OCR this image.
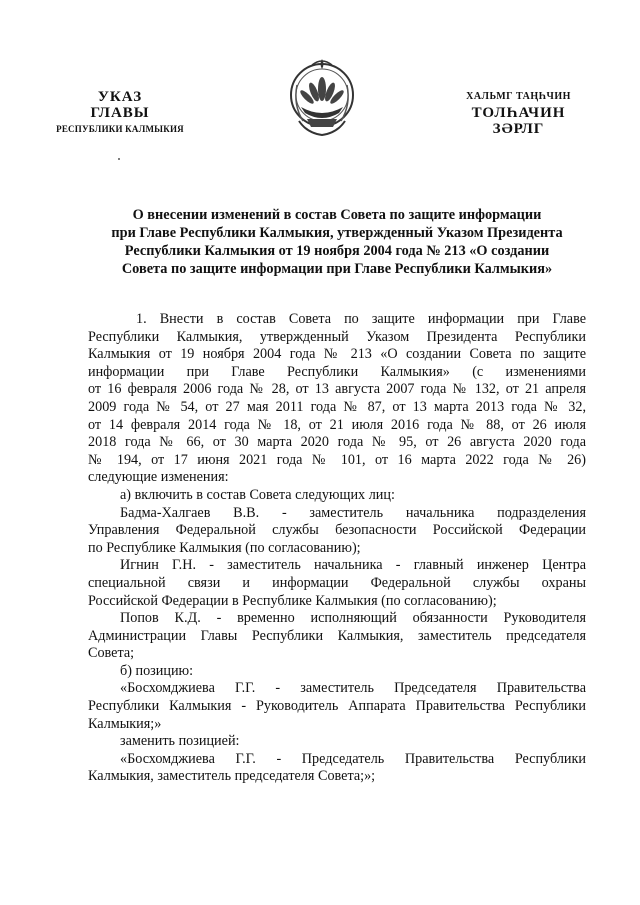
УКАЗ
ГЛАВЫ
РЕСПУБЛИКИ КАЛМЫКИЯ
ХАЛЬМГ ТАҢҺЧИН
ТОЛҺАЧИН
ЗӘРЛГ
О внесении изменений в состав Совета по защите информации
при Главе Республики Калмыкия, утвержденный Указом Президента
Республики Калмыкия от 19 ноября 2004 года № 213 «О создании
Совета по защите информации при Главе Республики Калмыкия»
1. Внести в состав Совета по защите информации при Главе
Республики Калмыкия, утвержденный Указом Президента Республики
Калмыкия от 19 ноября 2004 года № 213 «О создании Совета по защите
информации при Главе Республики Калмыкия» (с изменениями
от 16 февраля 2006 года № 28, от 13 августа 2007 года № 132, от 21 апреля
2009 года № 54, от 27 мая 2011 года № 87, от 13 марта 2013 года № 32,
от 14 февраля 2014 года № 18, от 21 июля 2016 года № 88, от 26 июля
2018 года № 66, от 30 марта 2020 года № 95, от 26 августа 2020 года
№ 194, от 17 июня 2021 года № 101, от 16 марта 2022 года № 26)
следующие изменения:
а) включить в состав Совета следующих лиц:
Бадма-Халгаев В.В. - заместитель начальника подразделения
Управления Федеральной службы безопасности Российской Федерации
по Республике Калмыкия (по согласованию);
Игнин Г.Н. - заместитель начальника - главный инженер Центра
специальной связи и информации Федеральной службы охраны
Российской Федерации в Республике Калмыкия (по согласованию);
Попов К.Д. - временно исполняющий обязанности Руководителя
Администрации Главы Республики Калмыкия, заместитель председателя
Совета;
б) позицию:
«Босхомджиева Г.Г. - заместитель Председателя Правительства
Республики Калмыкия - Руководитель Аппарата Правительства Республики
Калмыкия;»
заменить позицией:
«Босхомджиева Г.Г. - Председатель Правительства Республики
Калмыкия, заместитель председателя Совета;»;
